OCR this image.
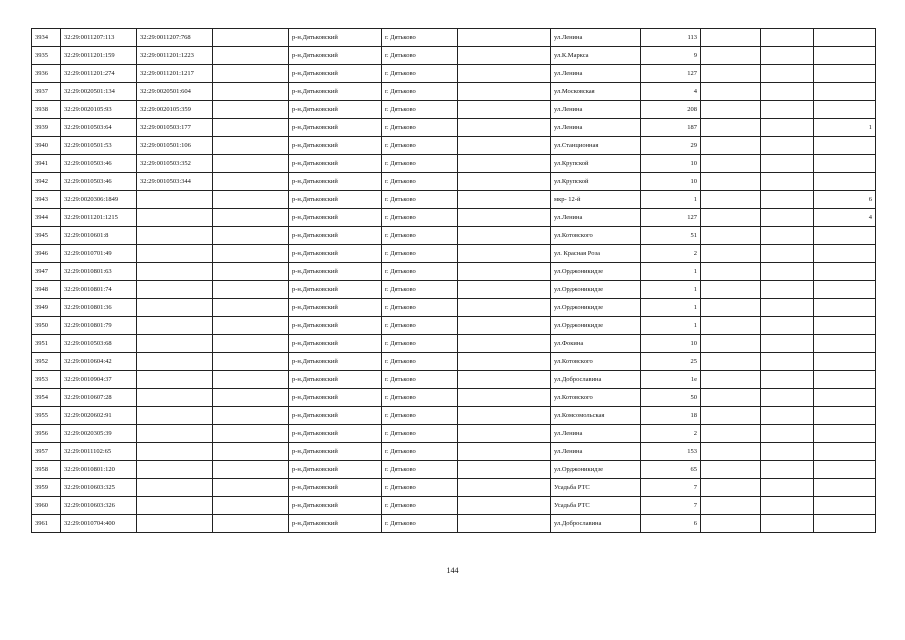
3934	32:29:0011207:113	32:29:0011207:768		р-н.Дятьковский	г. Дятьково		ул.Ленина	113			
3935	32:29:0011201:159	32:29:0011201:1223		р-н.Дятьковский	г. Дятьково		ул.К.Маркса	9			
3936	32:29:0011201:274	32:29:0011201:1217		р-н.Дятьковский	г. Дятьково		ул.Ленина	127			
3937	32:29:0020501:134	32:29:0020501:604		р-н.Дятьковский	г. Дятьково		ул.Московская	4			
3938	32:29:0020105:93	32:29:0020105:359		р-н.Дятьковский	г. Дятьково		ул.Ленина	208			
3939	32:29:0010503:64	32:29:0010503:177		р-н.Дятьковский	г. Дятьково		ул.Ленина	187			1
3940	32:29:0010501:53	32:29:0010501:106		р-н.Дятьковский	г. Дятьково		ул.Станционная	29			
3941	32:29:0010503:46	32:29:0010503:352		р-н.Дятьковский	г. Дятьково		ул.Крупской	10			
3942	32:29:0010503:46	32:29:0010503:344		р-н.Дятьковский	г. Дятьково		ул.Крупской	10			
3943	32:29:0020306:1849			р-н.Дятьковский	г. Дятьково		мкр- 12-й	1			6
3944	32:29:0011201:1215			р-н.Дятьковский	г. Дятьково		ул.Ленина	127			4
3945	32:29:0010601:8			р-н.Дятьковский	г. Дятьково		ул.Котовского	51			
3946	32:29:0010701:49			р-н.Дятьковский	г. Дятьково		ул. Красная Роза	2			
3947	32:29:0010801:63			р-н.Дятьковский	г. Дятьково		ул.Орджоникидзе	1			
3948	32:29:0010801:74			р-н.Дятьковский	г. Дятьково		ул.Орджоникидзе	1			
3949	32:29:0010801:36			р-н.Дятьковский	г. Дятьково		ул.Орджоникидзе	1			
3950	32:29:0010801:79			р-н.Дятьковский	г. Дятьково		ул.Орджоникидзе	1			
3951	32:29:0010503:68			р-н.Дятьковский	г. Дятьково		ул.Фокина	10			
3952	32:29:0010604:42			р-н.Дятьковский	г. Дятьково		ул.Котовского	25			
3953	32:29:0010904:37			р-н.Дятьковский	г. Дятьково		ул.Доброславина	1е			
3954	32:29:0010607:28			р-н.Дятьковский	г. Дятьково		ул.Котовского	50			
3955	32:29:0020602:91			р-н.Дятьковский	г. Дятьково		ул.Комсомольская	18			
3956	32:29:0020305:39			р-н.Дятьковский	г. Дятьково		ул.Ленина	2			
3957	32:29:0011102:65			р-н.Дятьковский	г. Дятьково		ул.Ленина	153			
3958	32:29:0010801:120			р-н.Дятьковский	г. Дятьково		ул.Орджоникидзе	65			
3959	32:29:0010603:325			р-н.Дятьковский	г. Дятьково		Усадьба РТС	7			
3960	32:29:0010603:326			р-н.Дятьковский	г. Дятьково		Усадьба РТС	7			
3961	32:29:0010704:400			р-н.Дятьковский	г. Дятьково		ул.Доброславина	6			
144
